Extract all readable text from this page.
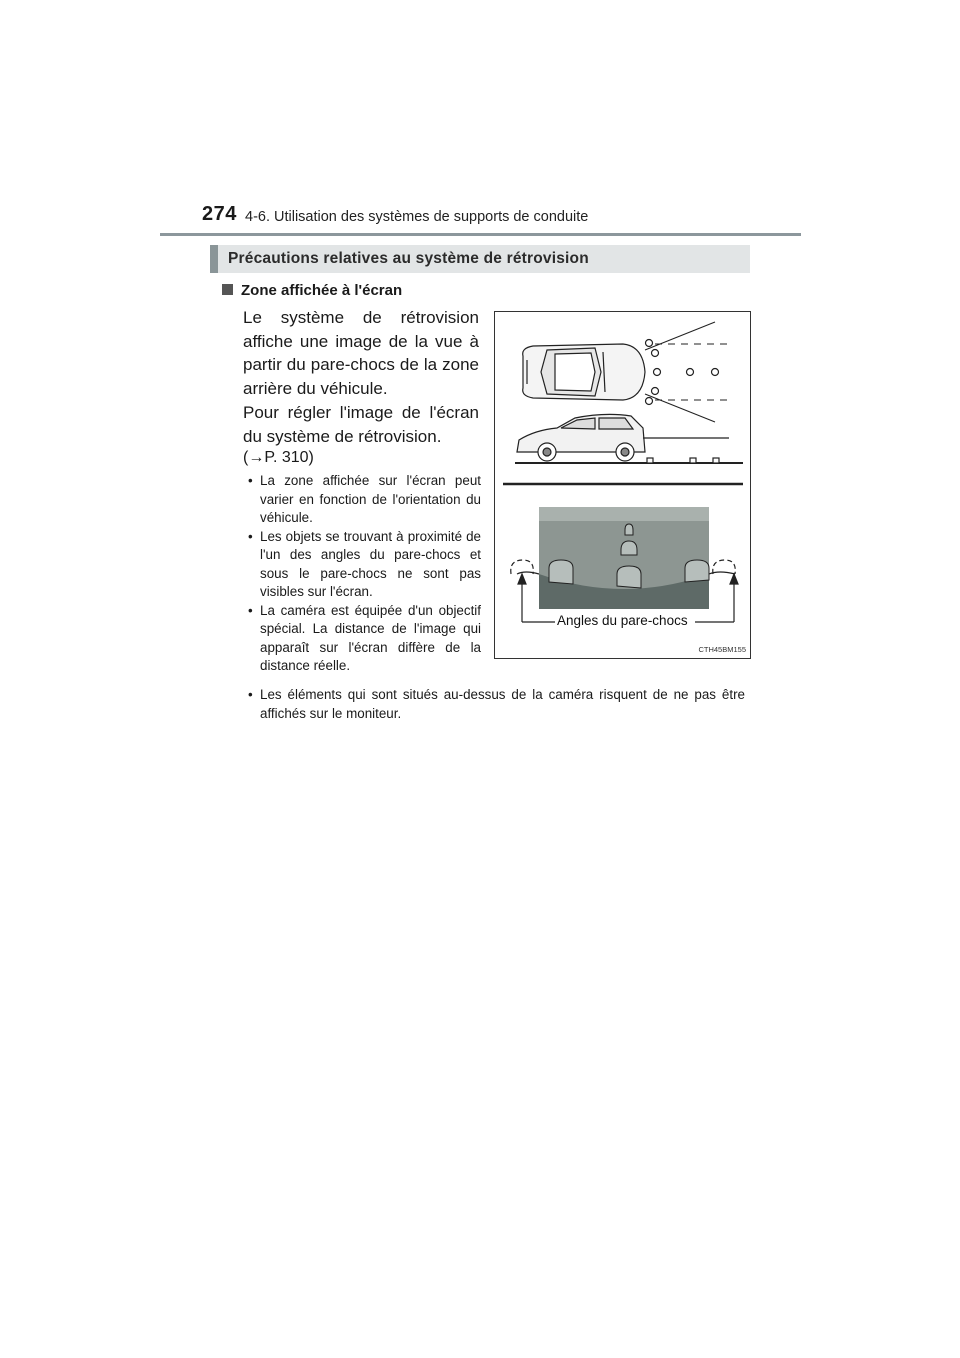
274 4-6. Utilisation des systèmes de supports de conduite
Précautions relatives au système de rétrovision
Zone affichée à l'écran
Le système de rétrovision affiche une image de la vue à partir du pare-chocs de la zone arrière du véhicule.
Pour régler l'image de l'écran du système de rétrovision.
(→P. 310)
• La zone affichée sur l'écran peut varier en fonction de l'orientation du véhicule.
• Les objets se trouvant à proximité de l'un des angles du pare-chocs et sous le pare-chocs ne sont pas visibles sur l'écran.
• La caméra est équipée d'un objectif spécial. La distance de l'image qui apparaît sur l'écran diffère de la distance réelle.
• Les éléments qui sont situés au-dessus de la caméra risquent de ne pas être affichés sur le moniteur.
Angles du pare-chocs
CTH45BM155
